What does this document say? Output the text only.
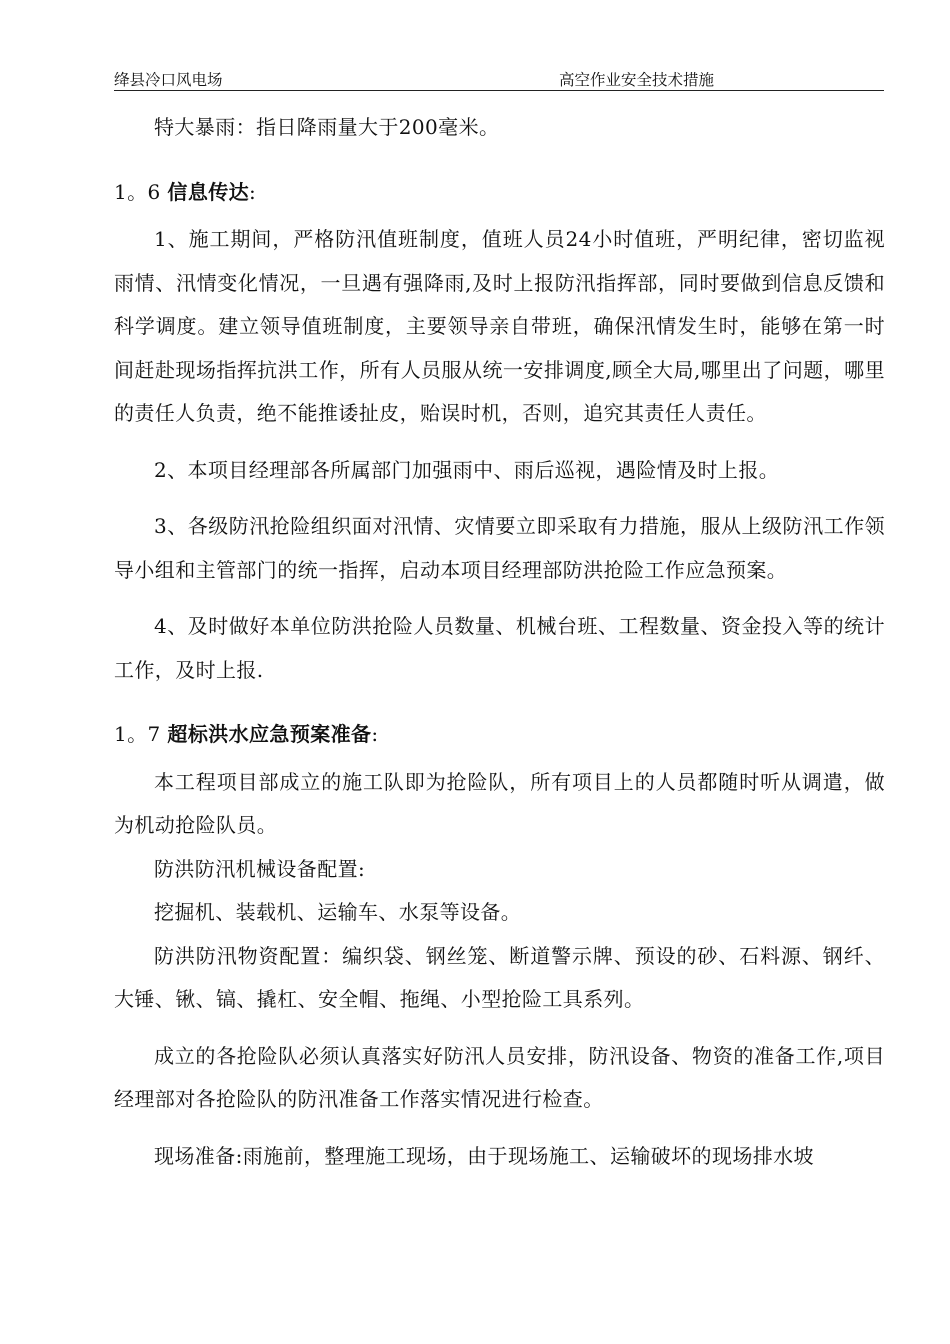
绛县冷口风电场	高空作业安全技术措施

特大暴雨：指日降雨量大于200毫米。

1。6 信息传达:

1、施工期间，严格防汛值班制度，值班人员24小时值班，严明纪律，密切监视雨情、汛情变化情况，一旦遇有强降雨,及时上报防汛指挥部，同时要做到信息反馈和科学调度。建立领导值班制度，主要领导亲自带班，确保汛情发生时，能够在第一时间赶赴现场指挥抗洪工作，所有人员服从统一安排调度,顾全大局,哪里出了问题，哪里的责任人负责，绝不能推诿扯皮，贻误时机，否则，追究其责任人责任。

2、本项目经理部各所属部门加强雨中、雨后巡视，遇险情及时上报。

3、各级防汛抢险组织面对汛情、灾情要立即采取有力措施，服从上级防汛工作领导小组和主管部门的统一指挥，启动本项目经理部防洪抢险工作应急预案。

4、及时做好本单位防洪抢险人员数量、机械台班、工程数量、资金投入等的统计工作，及时上报.

1。7 超标洪水应急预案准备:

本工程项目部成立的施工队即为抢险队，所有项目上的人员都随时听从调遣，做为机动抢险队员。

防洪防汛机械设备配置:

挖掘机、装载机、运输车、水泵等设备。

防洪防汛物资配置：编织袋、钢丝笼、断道警示牌、预设的砂、石料源、钢纤、大锤、锹、镐、撬杠、安全帽、拖绳、小型抢险工具系列。

成立的各抢险队必须认真落实好防汛人员安排，防汛设备、物资的准备工作,项目经理部对各抢险队的防汛准备工作落实情况进行检查。

现场准备:雨施前，整理施工现场，由于现场施工、运输破坏的现场排水坡
